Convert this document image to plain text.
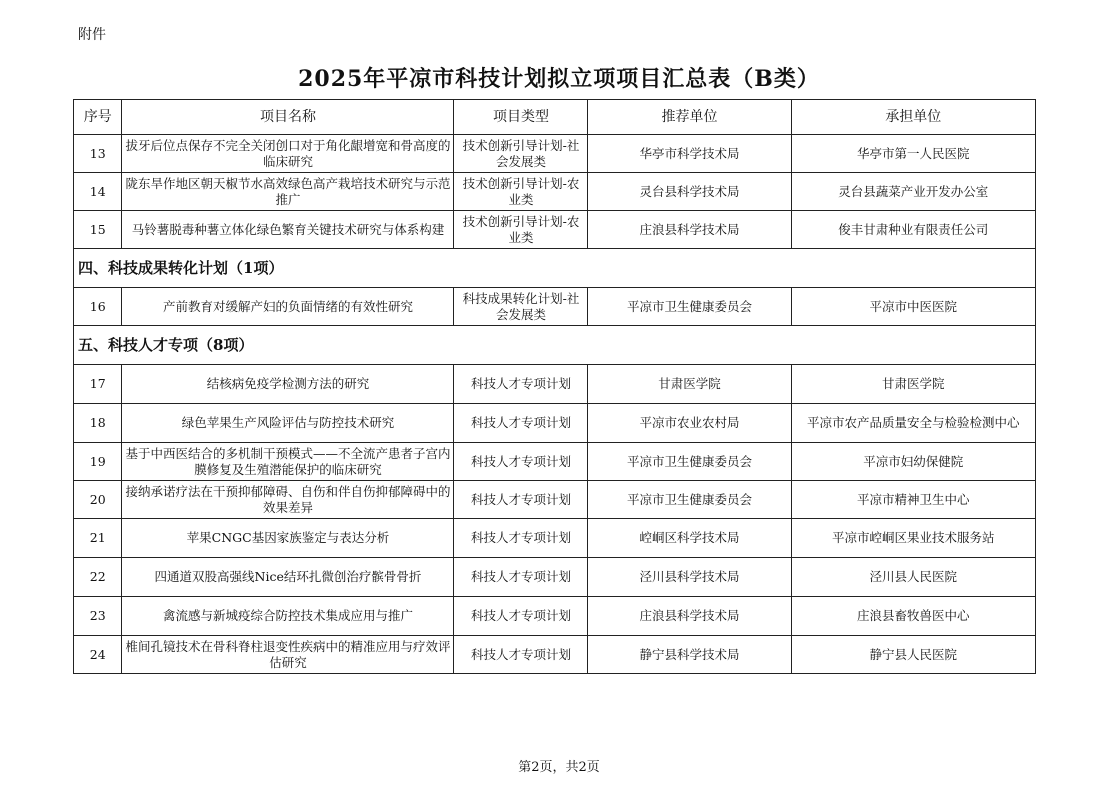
附件
2025年平凉市科技计划拟立项项目汇总表（B类）
序号	项目名称	项目类型	推荐单位	承担单位
13	拔牙后位点保存不完全关闭创口对于角化龈增宽和骨高度的临床研究	技术创新引导计划-社会发展类	华亭市科学技术局	华亭市第一人民医院
14	陇东旱作地区朝天椒节水高效绿色高产栽培技术研究与示范推广	技术创新引导计划-农业类	灵台县科学技术局	灵台县蔬菜产业开发办公室
15	马铃薯脱毒种薯立体化绿色繁育关键技术研究与体系构建	技术创新引导计划-农业类	庄浪县科学技术局	俊丰甘肃种业有限责任公司
四、科技成果转化计划（1项）				
16	产前教育对缓解产妇的负面情绪的有效性研究	科技成果转化计划-社会发展类	平凉市卫生健康委员会	平凉市中医医院
五、科技人才专项（8项）				
17	结核病免疫学检测方法的研究	科技人才专项计划	甘肃医学院	甘肃医学院
18	绿色苹果生产风险评估与防控技术研究	科技人才专项计划	平凉市农业农村局	平凉市农产品质量安全与检验检测中心
19	基于中西医结合的多机制干预模式——不全流产患者子宫内膜修复及生殖潜能保护的临床研究	科技人才专项计划	平凉市卫生健康委员会	平凉市妇幼保健院
20	接纳承诺疗法在干预抑郁障碍、自伤和伴自伤抑郁障碍中的效果差异	科技人才专项计划	平凉市卫生健康委员会	平凉市精神卫生中心
21	苹果CNGC基因家族鉴定与表达分析	科技人才专项计划	崆峒区科学技术局	平凉市崆峒区果业技术服务站
22	四通道双股高强线Nice结环扎微创治疗髌骨骨折	科技人才专项计划	泾川县科学技术局	泾川县人民医院
23	禽流感与新城疫综合防控技术集成应用与推广	科技人才专项计划	庄浪县科学技术局	庄浪县畜牧兽医中心
24	椎间孔镜技术在骨科脊柱退变性疾病中的精准应用与疗效评估研究	科技人才专项计划	静宁县科学技术局	静宁县人民医院
第2页，共2页
